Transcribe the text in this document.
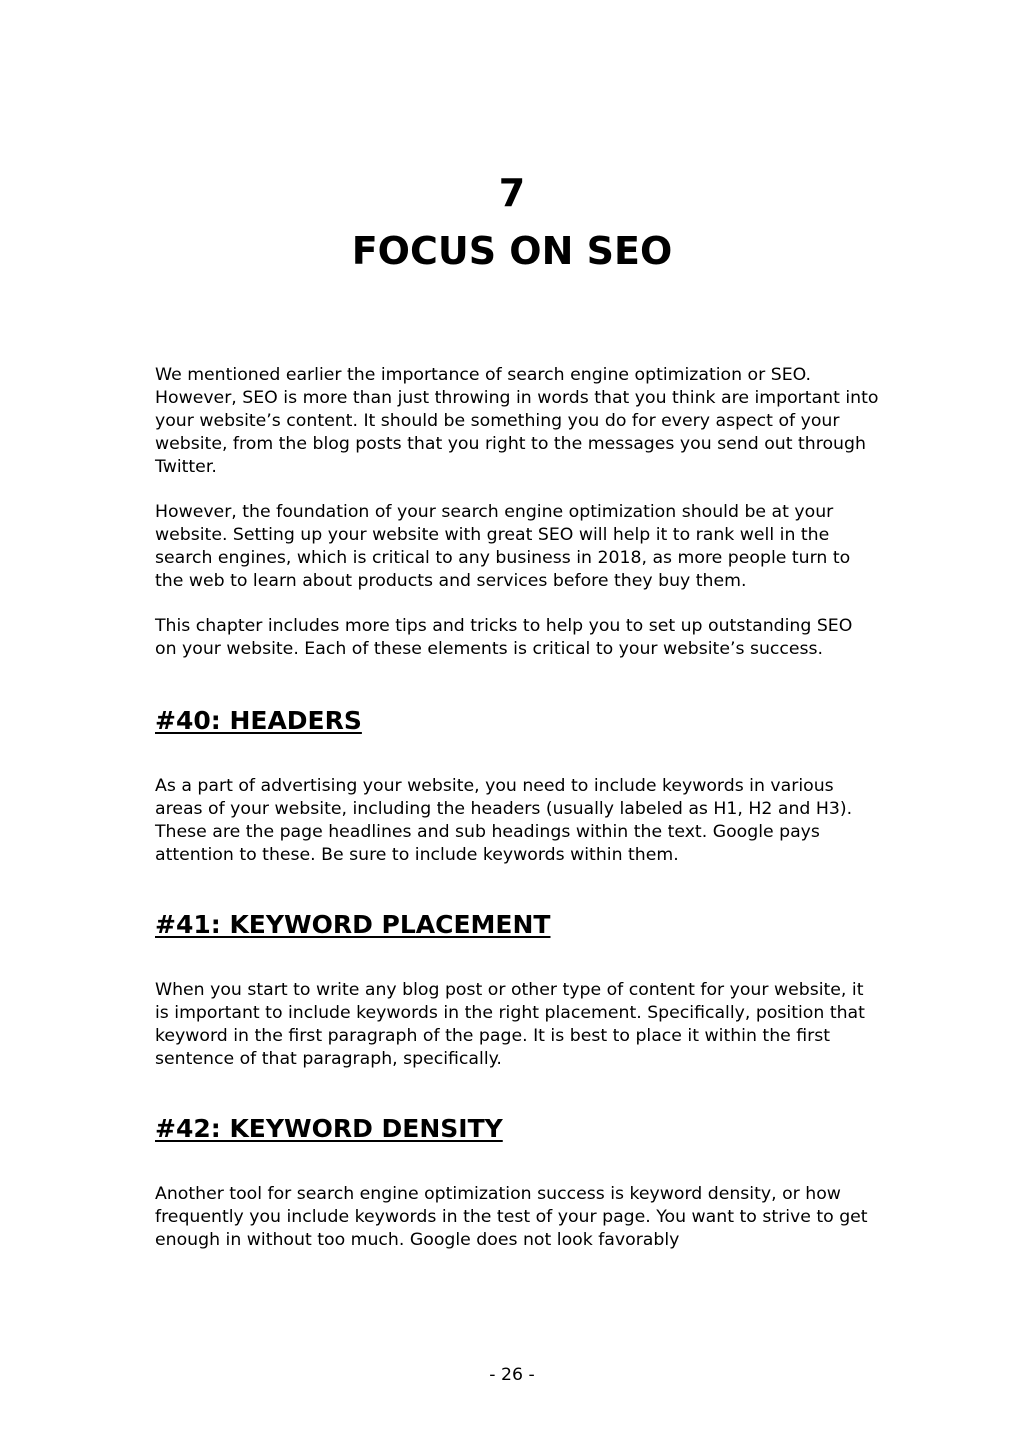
7
FOCUS ON SEO

We mentioned earlier the importance of search engine optimization or SEO. However, SEO is more than just throwing in words that you think are important into your website’s content. It should be something you do for every aspect of your website, from the blog posts that you right to the messages you send out through Twitter.

However, the foundation of your search engine optimization should be at your website. Setting up your website with great SEO will help it to rank well in the search engines, which is critical to any business in 2018, as more people turn to the web to learn about products and services before they buy them.

This chapter includes more tips and tricks to help you to set up outstanding SEO on your website. Each of these elements is critical to your website’s success.

#40: HEADERS

As a part of advertising your website, you need to include keywords in various areas of your website, including the headers (usually labeled as H1, H2 and H3). These are the page headlines and sub headings within the text. Google pays attention to these. Be sure to include keywords within them.

#41: KEYWORD PLACEMENT

When you start to write any blog post or other type of content for your website, it is important to include keywords in the right placement. Specifically, position that keyword in the first paragraph of the page. It is best to place it within the first sentence of that paragraph, specifically.

#42: KEYWORD DENSITY

Another tool for search engine optimization success is keyword density, or how frequently you include keywords in the test of your page. You want to strive to get enough in without too much. Google does not look favorably

- 26 -
